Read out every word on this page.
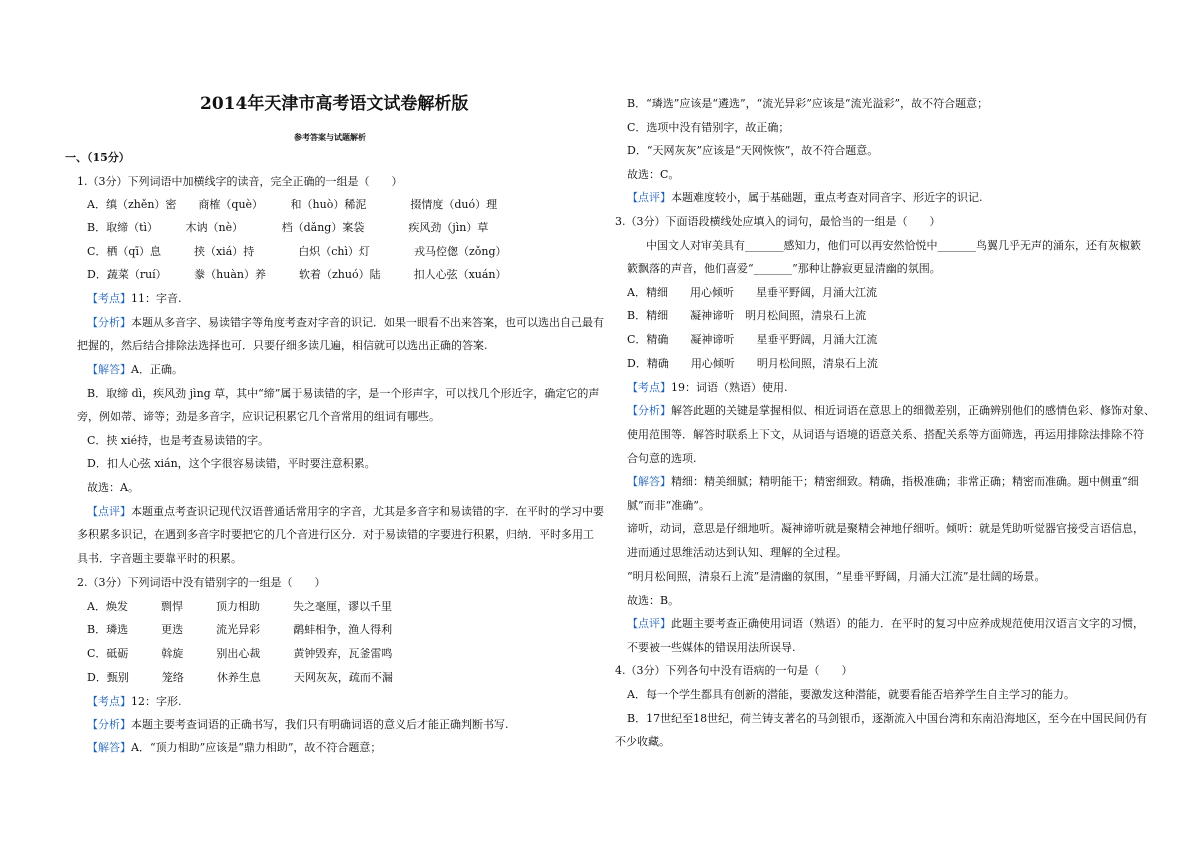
2014年天津市高考语文试卷解析版
参考答案与试题解析
一、（15分）
1.（3分）下列词语中加横线字的读音，完全正确的一组是（　　）
A．缜（zhěn）密　　商榷（què）　　　和（huò）稀泥　　　　掇情度（duó）理
B．取缔（tì）　　　木讷（nè）　　　　档（dǎng）案袋　　　　疾风劲（jìn）草
C．栖（qī）息　　　挟（xiá）持　　　　白炽（chì）灯　　　　戎马倥偬（zǒng）
D．蔬菜（ruí）　　　豢（huàn）养　　　软着（zhuó）陆　　　扣人心弦（xuán）
【考点】11：字音.
【分析】本题从多音字、易读错字等角度考查对字音的识记．如果一眼看不出来答案，也可以选出自己最有
把握的，然后结合排除法选择也可．只要仔细多读几遍，相信就可以选出正确的答案.
【解答】A．正确。
B．取缔 dì，疾风劲 jìng 草，其中“缔”属于易读错的字，是一个形声字，可以找几个形近字，确定它的声
旁，例如蒂、谛等；劲是多音字，应识记积累它几个音常用的组词有哪些。
C．挟 xié持，也是考查易读错的字。
D．扣人心弦 xián，这个字很容易读错，平时要注意积累。
故选：A。
【点评】本题重点考查识记现代汉语普通话常用字的字音，尤其是多音字和易读错的字．在平时的学习中要
多积累多识记，在遇到多音字时要把它的几个音进行区分．对于易读错的字要进行积累，归纳．平时多用工
具书．字音题主要靠平时的积累。
2.（3分）下列词语中没有错别字的一组是（　　）
A．焕发　　　剽悍　　　顶力相助　　　失之毫厘，谬以千里
B．璘选　　　更迭　　　流光异彩　　　鹬蚌相争，渔人得利
C．砥砺　　　斡旋　　　别出心裁　　　黄钟毁弃，瓦釜雷鸣
D．甄别　　　笼络　　　休养生息　　　天网灰灰，疏而不漏
【考点】12：字形.
【分析】本题主要考查词语的正确书写，我们只有明确词语的意义后才能正确判断书写.
【解答】A．“顶力相助”应该是“鼎力相助”，故不符合题意；
B．“璘选”应该是“遴选”，“流光异彩”应该是“流光溢彩”，故不符合题意；
C．选项中没有错别字，故正确；
D．“天网灰灰”应该是“天网恢恢”，故不符合题意。
故选：C。
【点评】本题难度较小，属于基础题，重点考查对同音字、形近字的识记.
3.（3分）下面语段横线处应填入的词句，最恰当的一组是（　　）
中国文人对审美具有_______感知力，他们可以再安然恰悦中_______鸟翼几乎无声的涌东，还有灰椒簌
簌飘落的声音，他们喜爱“_______”那种让静寂更显清幽的氛围。
A．精细　　用心倾听　　星垂平野阔，月涌大江流
B．精细　　凝神谛听　明月松间照，清泉石上流
C．精确　　凝神谛听　　星垂平野阔，月涌大江流
D．精确　　用心倾听　　明月松间照，清泉石上流
【考点】19：词语（熟语）使用.
【分析】解答此题的关键是掌握相似、相近词语在意思上的细微差别，正确辨别他们的感情色彩、修饰对象、
使用范围等．解答时联系上下文，从词语与语境的语意关系、搭配关系等方面筛选，再运用排除法排除不符
合句意的选项.
【解答】精细：精美细腻；精明能干；精密细致。精确，指极准确；非常正确；精密而准确。题中侧重“细
腻”而非“准确”。
谛听，动词，意思是仔细地听。凝神谛听就是聚精会神地仔细听。倾听：就是凭助听觉器官接受言语信息，
进而通过思维活动达到认知、理解的全过程。
“明月松间照，清泉石上流”是清幽的氛围，“星垂平野阔，月涌大江流”是壮阔的场景。
故选：B。
【点评】此题主要考查正确使用词语（熟语）的能力．在平时的复习中应养成规范使用汉语言文字的习惯，
不要被一些媒体的错误用法所误导.
4.（3分）下列各句中没有语病的一句是（　　）
A．每一个学生都具有创新的潜能，要激发这种潜能，就要看能否培养学生自主学习的能力。
B．17世纪至18世纪，荷兰铸支著名的马剑银币，逐渐流入中国台湾和东南沿海地区，至今在中国民间仍有
不少收藏。
